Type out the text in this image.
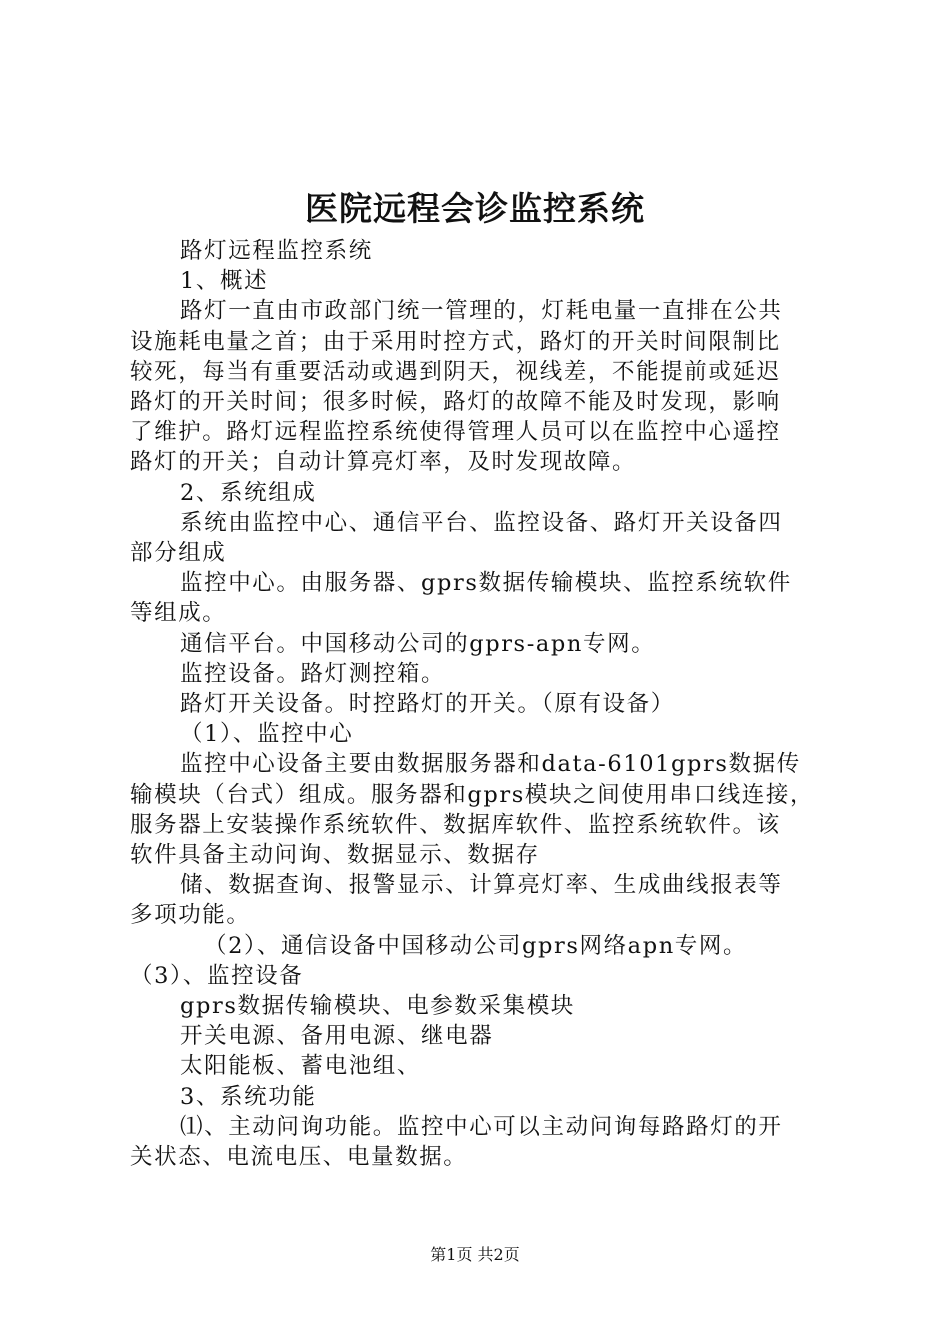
医院远程会诊监控系统

路灯远程监控系统

1、概述

路灯一直由市政部门统一管理的，灯耗电量一直排在公共

设施耗电量之首；由于采用时控方式，路灯的开关时间限制比

较死，每当有重要活动或遇到阴天，视线差，不能提前或延迟

路灯的开关时间；很多时候，路灯的故障不能及时发现，影响

了维护。路灯远程监控系统使得管理人员可以在监控中心遥控

路灯的开关；自动计算亮灯率，及时发现故障。

2、系统组成

系统由监控中心、通信平台、监控设备、路灯开关设备四

部分组成

监控中心。由服务器、gprs数据传输模块、监控系统软件

等组成。

通信平台。中国移动公司的gprs-apn专网。

监控设备。路灯测控箱。

路灯开关设备。时控路灯的开关。（原有设备）

（1）、监控中心

监控中心设备主要由数据服务器和data-6101gprs数据传

输模块（台式）组成。服务器和gprs模块之间使用串口线连接，

服务器上安装操作系统软件、数据库软件、监控系统软件。该

软件具备主动问询、数据显示、数据存

储、数据查询、报警显示、计算亮灯率、生成曲线报表等

多项功能。

（2）、通信设备中国移动公司gprs网络apn专网。

（3）、监控设备

gprs数据传输模块、电参数采集模块

开关电源、备用电源、继电器

太阳能板、蓄电池组、

3、系统功能

⑴、主动问询功能。监控中心可以主动问询每路路灯的开

关状态、电流电压、电量数据。

第1页 共2页
